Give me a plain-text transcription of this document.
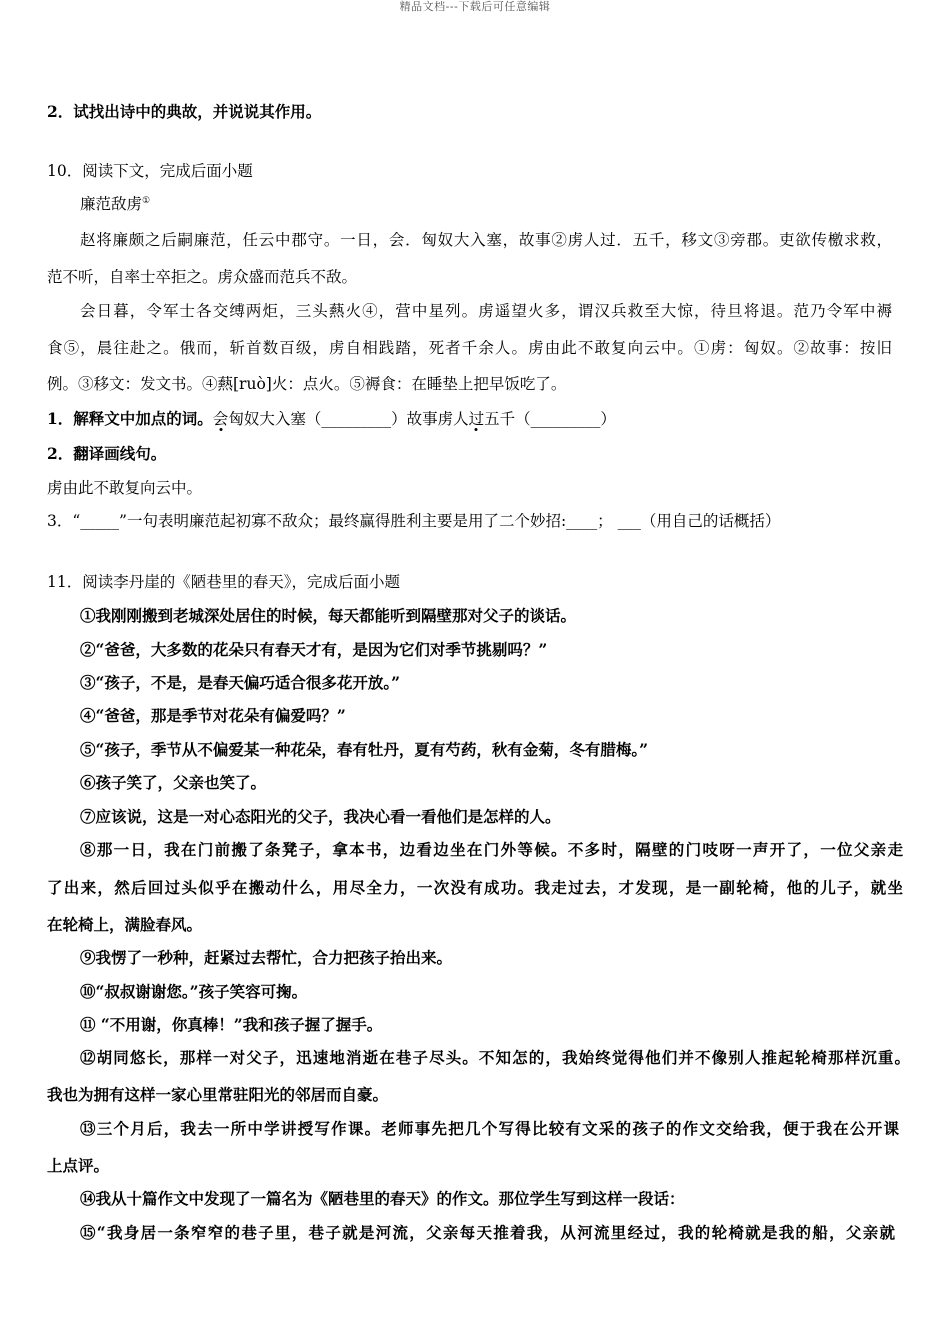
精品文档---下载后可任意编辑
2．试找出诗中的典故，并说说其作用。
10．阅读下文，完成后面小题
廉范敌虏①
赵将廉颇之后嗣廉范，任云中郡守。一日，会．匈奴大入塞，故事②虏人过．五千，移文③旁郡。吏欲传檄求救，
范不听，自率士卒拒之。虏众盛而范兵不敌。
会日暮，令军士各交缚两炬，三头爇火④，营中星列。虏遥望火多，谓汉兵救至大惊，待旦将退。范乃令军中褥
食⑤，晨往赴之。俄而，斩首数百级，虏自相践踏，死者千余人。虏由此不敢复向云中。①虏：匈奴。②故事：按旧
例。③移文：发文书。④爇[ruò]火：点火。⑤褥食：在睡垫上把早饭吃了。
1．解释文中加点的词。会匈奴大入塞（_________）故事虏人过五千（_________）
2．翻译画线句。
虏由此不敢复向云中。
3．“_____”一句表明廉范起初寡不敌众；最终赢得胜利主要是用了二个妙招:____； ___（用自己的话概括）
11．阅读李丹崖的《陋巷里的春天》，完成后面小题
①我刚刚搬到老城深处居住的时候，每天都能听到隔壁那对父子的谈话。
②“爸爸，大多数的花朵只有春天才有，是因为它们对季节挑剔吗？”
③“孩子，不是，是春天偏巧适合很多花开放。”
④“爸爸，那是季节对花朵有偏爱吗？”
⑤“孩子，季节从不偏爱某一种花朵，春有牡丹，夏有芍药，秋有金菊，冬有腊梅。”
⑥孩子笑了，父亲也笑了。
⑦应该说，这是一对心态阳光的父子，我决心看一看他们是怎样的人。
⑧那一日，我在门前搬了条凳子，拿本书，边看边坐在门外等候。不多时，隔壁的门吱呀一声开了，一位父亲走
了出来，然后回过头似乎在搬动什么，用尽全力，一次没有成功。我走过去，才发现，是一副轮椅，他的儿子，就坐
在轮椅上，满脸春风。
⑨我愣了一秒种，赶紧过去帮忙，合力把孩子抬出来。
⑩“叔叔谢谢您。”孩子笑容可掬。
⑪ “不用谢，你真棒！”我和孩子握了握手。
⑫胡同悠长，那样一对父子，迅速地消逝在巷子尽头。不知怎的，我始终觉得他们并不像别人推起轮椅那样沉重。
我也为拥有这样一家心里常驻阳光的邻居而自豪。
⑬三个月后，我去一所中学讲授写作课。老师事先把几个写得比较有文采的孩子的作文交给我，便于我在公开课
上点评。
⑭我从十篇作文中发现了一篇名为《陋巷里的春天》的作文。那位学生写到这样一段话：
⑮“我身居一条窄窄的巷子里，巷子就是河流，父亲每天推着我，从河流里经过，我的轮椅就是我的船，父亲就
